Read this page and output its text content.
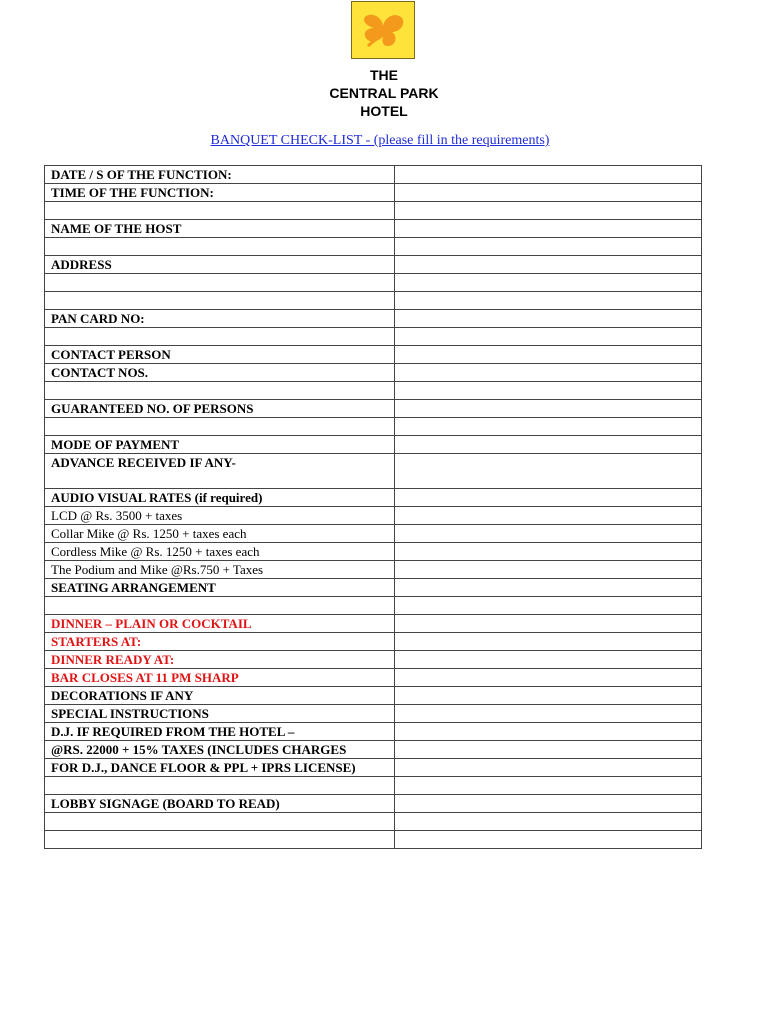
THE
CENTRAL PARK
HOTEL
BANQUET CHECK-LIST - (please fill in the requirements)
DATE / S OF THE FUNCTION:	
TIME OF THE FUNCTION:	

NAME OF THE HOST	

ADDRESS	

PAN CARD NO:	

CONTACT PERSON	
CONTACT NOS.	

GUARANTEED NO. OF PERSONS	

MODE OF PAYMENT	
ADVANCE RECEIVED IF ANY-	
AUDIO VISUAL RATES (if required)	
LCD @ Rs. 3500 + taxes	
Collar Mike @ Rs. 1250 + taxes each	
Cordless Mike @ Rs. 1250 + taxes each	
The Podium and Mike @Rs.750 + Taxes	
SEATING ARRANGEMENT	

DINNER – PLAIN OR COCKTAIL	
STARTERS AT:	
DINNER READY AT:	
BAR CLOSES AT 11 PM SHARP	
DECORATIONS IF ANY	
SPECIAL INSTRUCTIONS	
D.J. IF REQUIRED FROM THE HOTEL –	
@RS. 22000 + 15% TAXES (INCLUDES CHARGES	
FOR D.J., DANCE FLOOR & PPL + IPRS LICENSE)	

LOBBY SIGNAGE (BOARD TO READ)	
